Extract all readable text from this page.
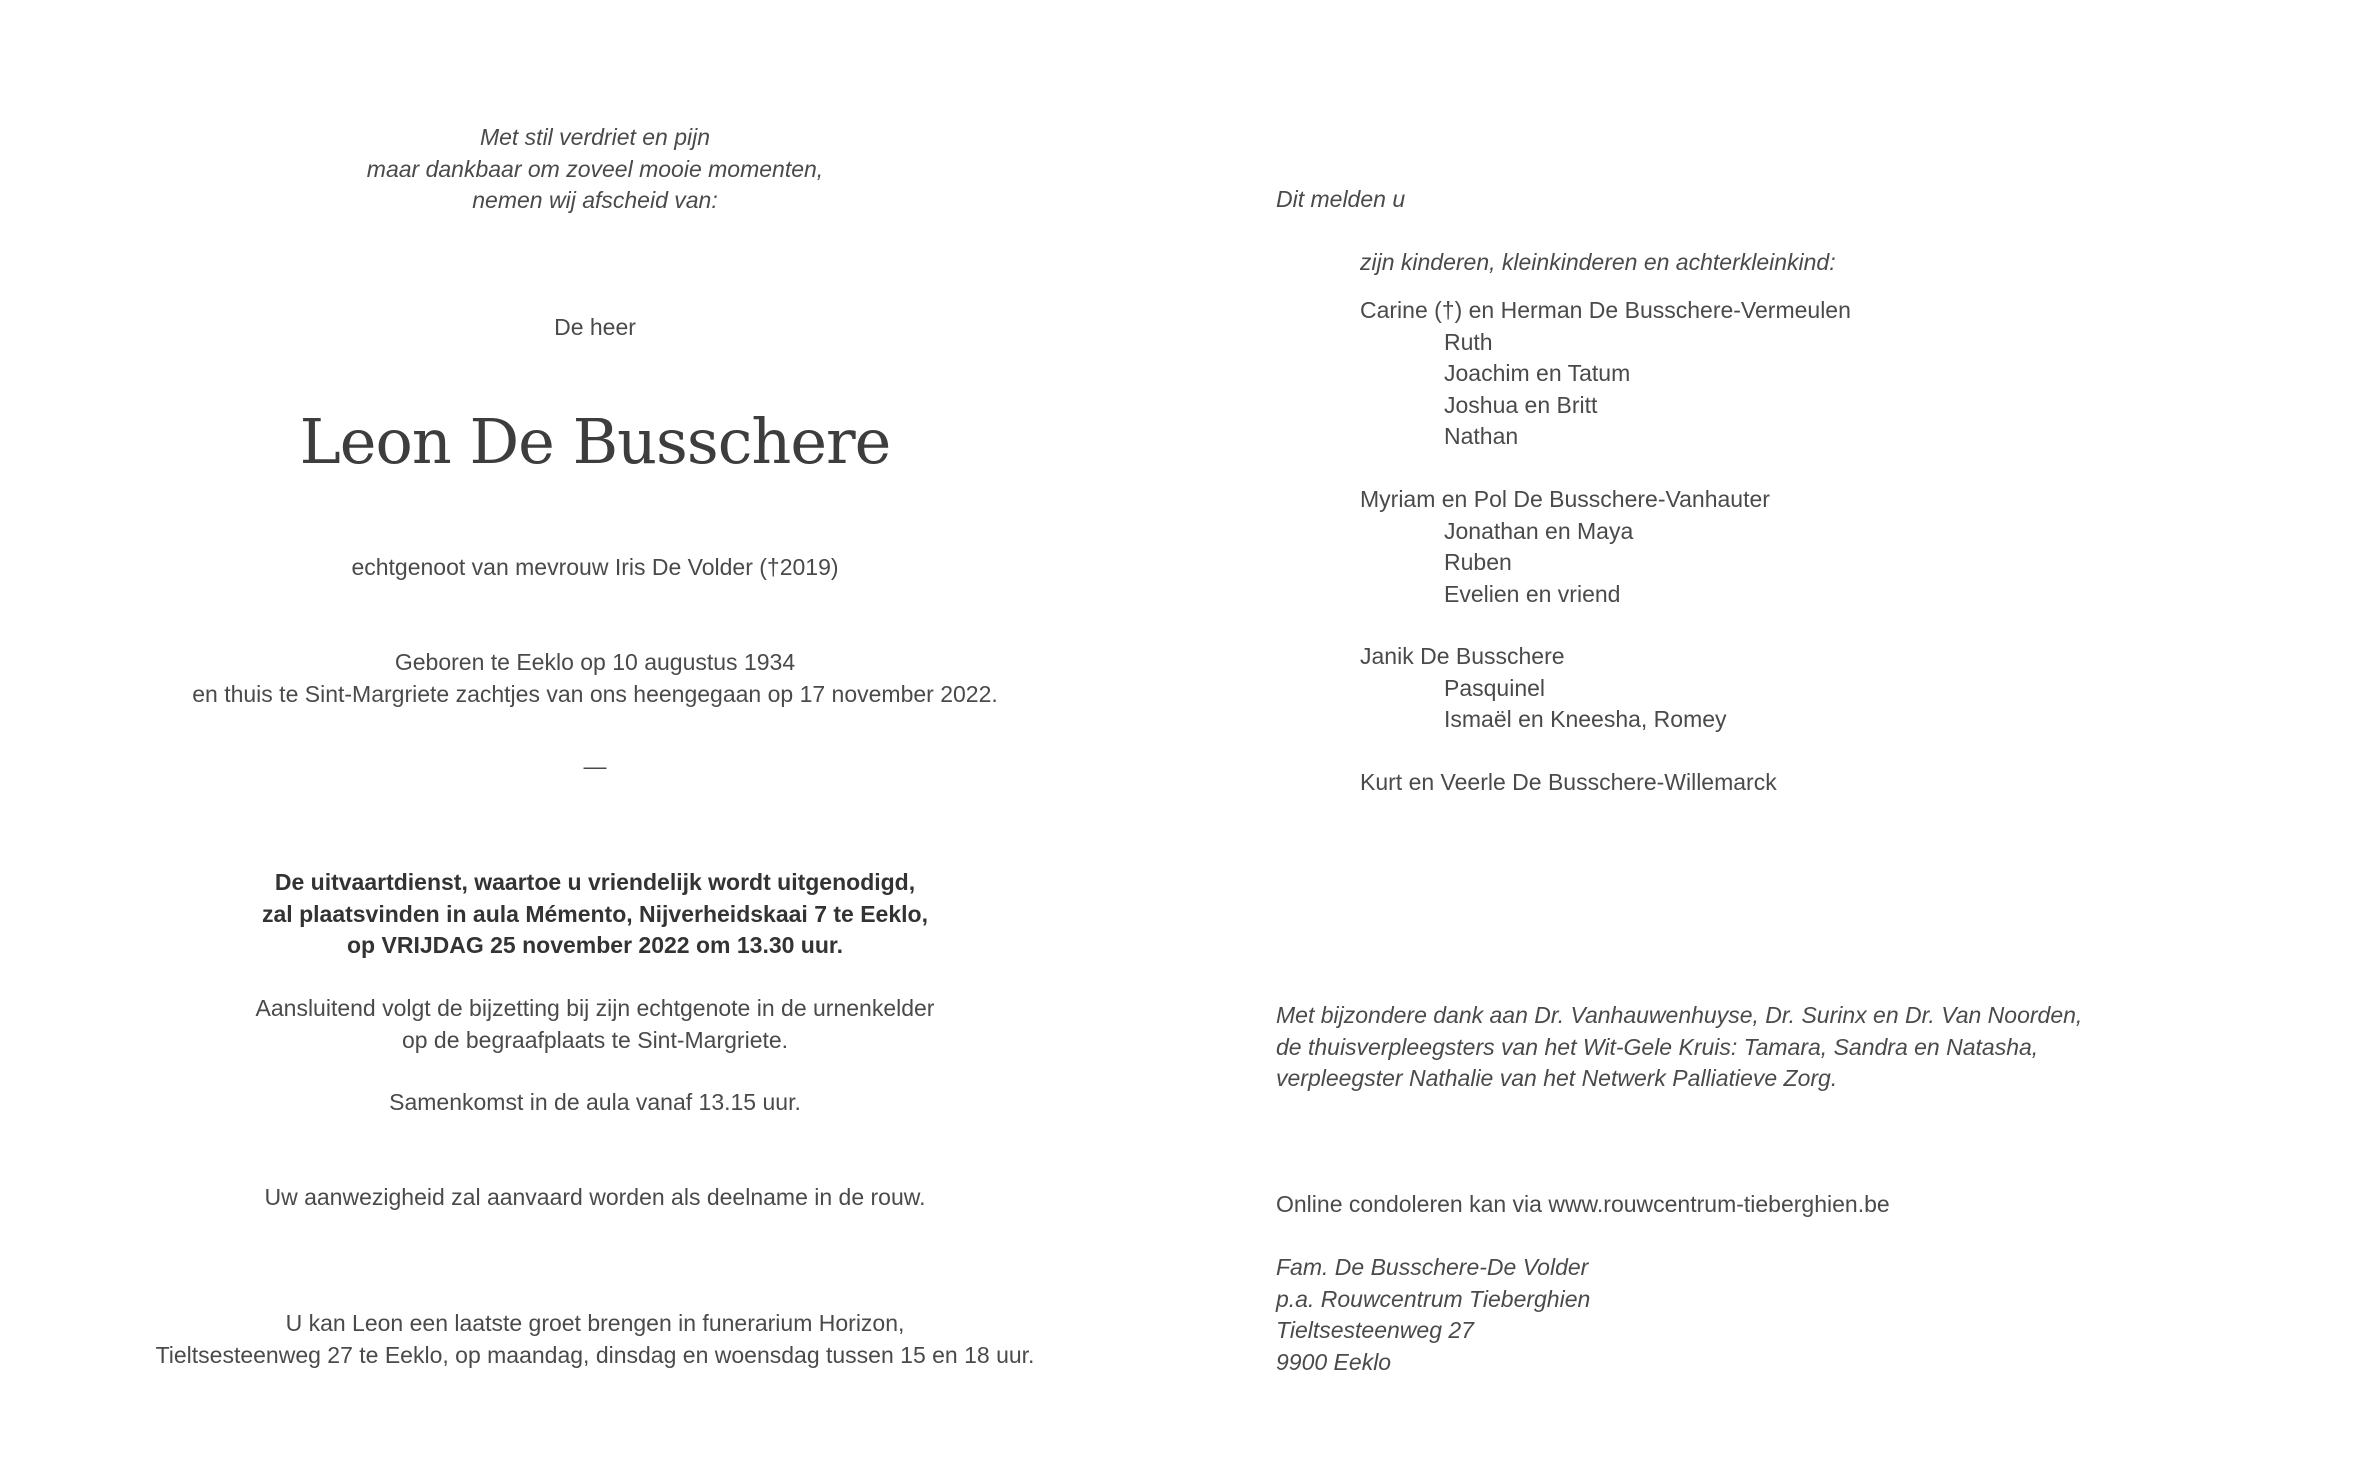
Met stil verdriet en pijn
maar dankbaar om zoveel mooie momenten,
nemen wij afscheid van:
De heer
Leon De Busschere
echtgenoot van mevrouw Iris De Volder (†2019)
Geboren te Eeklo op 10 augustus 1934
en thuis te Sint-Margriete zachtjes van ons heengegaan op 17 november 2022.
—
De uitvaartdienst, waartoe u vriendelijk wordt uitgenodigd,
zal plaatsvinden in aula Mémento, Nijverheidskaai 7 te Eeklo,
op VRIJDAG 25 november 2022 om 13.30 uur.
Aansluitend volgt de bijzetting bij zijn echtgenote in de urnenkelder
op de begraafplaats te Sint-Margriete.
Samenkomst in de aula vanaf 13.15 uur.
Uw aanwezigheid zal aanvaard worden als deelname in de rouw.
U kan Leon een laatste groet brengen in funerarium Horizon,
Tieltsesteenweg 27 te Eeklo, op maandag, dinsdag en woensdag tussen 15 en 18 uur.
Dit melden u
zijn kinderen, kleinkinderen en achterkleinkind:
Carine (†) en Herman De Busschere-Vermeulen
Ruth
Joachim en Tatum
Joshua en Britt
Nathan
Myriam en Pol De Busschere-Vanhauter
Jonathan en Maya
Ruben
Evelien en vriend
Janik De Busschere
Pasquinel
Ismaël en Kneesha, Romey
Kurt en Veerle De Busschere-Willemarck
Met bijzondere dank aan Dr. Vanhauwenhuyse, Dr. Surinx en Dr. Van Noorden,
de thuisverpleegsters van het Wit-Gele Kruis: Tamara, Sandra en Natasha,
verpleegster Nathalie van het Netwerk Palliatieve Zorg.
Online condoleren kan via www.rouwcentrum-tieberghien.be
Fam. De Busschere-De Volder
p.a. Rouwcentrum Tieberghien
Tieltsesteenweg 27
9900 Eeklo
